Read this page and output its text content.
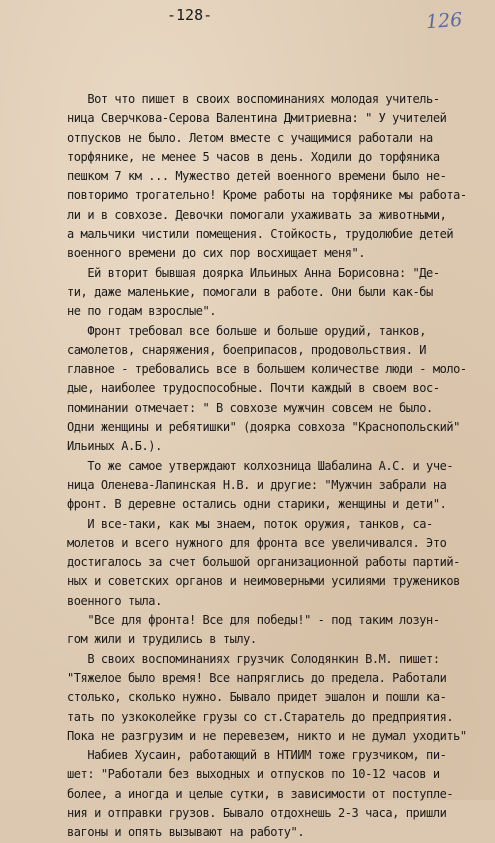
-128-	126
Вот что пишет в своих воспоминаниях молодая учитель-
ница Сверчкова-Серова Валентина Дмитриевна: " У учителей
отпусков не было. Летом вместе с учащимися работали на
торфянике, не менее 5 часов в день. Ходили до торфяника
пешком 7 км ... Мужество детей военного времени было не-
повторимо трогательно! Кроме работы на торфянике мы работа-
ли и в совхозе. Девочки помогали ухаживать за животными,
а мальчики чистили помещения. Стойкость, трудолюбие детей
военного времени до сих пор восхищает меня".
Ей вторит бывшая доярка Ильиных Анна Борисовна: "Де-
ти, даже маленькие, помогали в работе. Они были как-бы
не по годам взрослые".
Фронт требовал все больше и больше орудий, танков,
самолетов, снаряжения, боеприпасов, продовольствия. И
главное - требовались все в большем количестве люди - моло-
дые, наиболее трудоспособные. Почти каждый в своем вос-
поминании отмечает: " В совхозе мужчин совсем не было.
Одни женщины и ребятишки" (доярка совхоза "Краснопольский"
Ильиных А.Б.).
То же самое утверждают колхозница Шабалина А.С. и уче-
ница Оленева-Лапинская Н.В. и другие: "Мужчин забрали на
фронт. В деревне остались одни старики, женщины и дети".
И все-таки, как мы знаем, поток оружия, танков, са-
молетов и всего нужного для фронта все увеличивался. Это
достигалось за счет большой организационной работы партий-
ных и советских органов и неимоверными усилиями тружеников
военного тыла.
"Все для фронта! Все для победы!" - под таким лозун-
гом жили и трудились в тылу.
В своих воспоминаниях грузчик Солодянкин В.М. пишет:
"Тяжелое было время! Все напряглись до предела. Работали
столько, сколько нужно. Бывало придет эшалон и пошли ка-
тать по узкоколейке грузы со ст.Старатель до предприятия.
Пока не разгрузим и не перевезем, никто и не думал уходить"
Набиев Хусаин, работающий в НТИИМ тоже грузчиком, пи-
шет: "Работали без выходных и отпусков по 10-12 часов и
более, а иногда и целые сутки, в зависимости от поступле-
ния и отправки грузов. Бывало отдохнешь 2-3 часа, пришли
вагоны и опять вызывают на работу".
